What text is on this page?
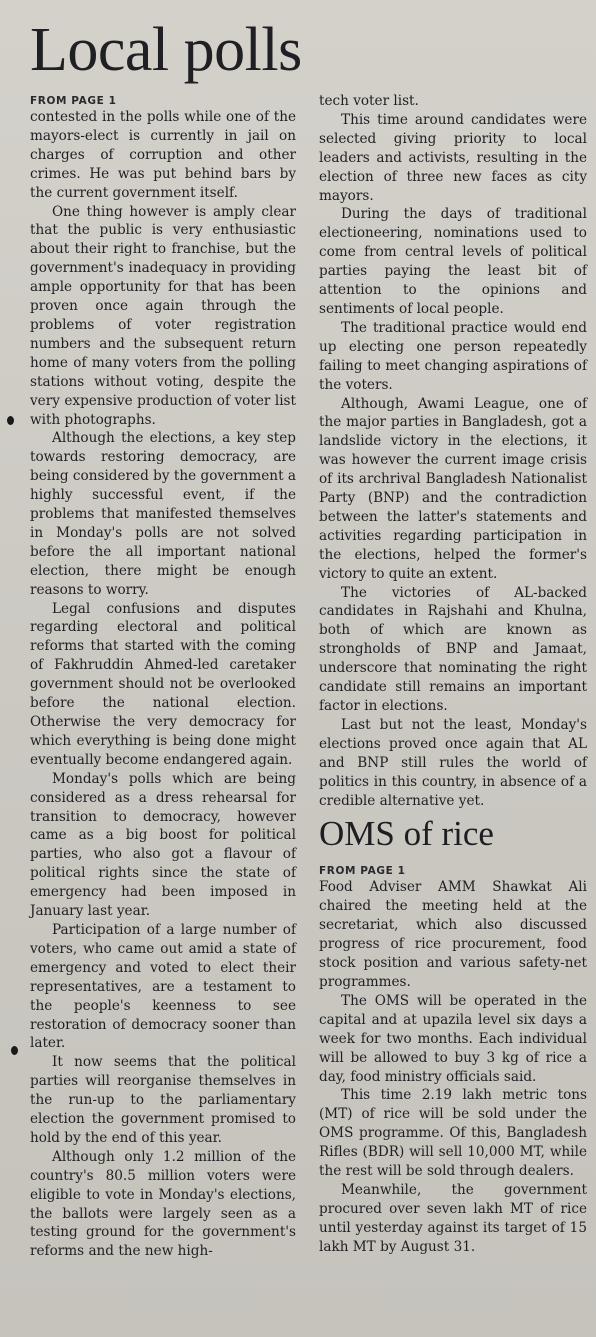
Local polls

FROM PAGE 1

contested in the polls while one of the mayors-elect is currently in jail on charges of corruption and other crimes. He was put behind bars by the current government itself.

One thing however is amply clear that the public is very enthusiastic about their right to franchise, but the government's inadequacy in providing ample opportunity for that has been proven once again through the problems of voter registration numbers and the subsequent return home of many voters from the polling stations without voting, despite the very expensive production of voter list with photographs.

Although the elections, a key step towards restoring democracy, are being considered by the government a highly successful event, if the problems that manifested themselves in Monday's polls are not solved before the all important national election, there might be enough reasons to worry.

Legal confusions and disputes regarding electoral and political reforms that started with the coming of Fakhruddin Ahmed-led caretaker government should not be overlooked before the national election. Otherwise the very democracy for which everything is being done might eventually become endangered again.

Monday's polls which are being considered as a dress rehearsal for transition to democracy, however came as a big boost for political parties, who also got a flavour of political rights since the state of emergency had been imposed in January last year.

Participation of a large number of voters, who came out amid a state of emergency and voted to elect their representatives, are a testament to the people's keenness to see restoration of democracy sooner than later.

It now seems that the political parties will reorganise themselves in the run-up to the parliamentary election the government promised to hold by the end of this year.

Although only 1.2 million of the country's 80.5 million voters were eligible to vote in Monday's elections, the ballots were largely seen as a testing ground for the government's reforms and the new high-

tech voter list.

This time around candidates were selected giving priority to local leaders and activists, resulting in the election of three new faces as city mayors.

During the days of traditional electioneering, nominations used to come from central levels of political parties paying the least bit of attention to the opinions and sentiments of local people.

The traditional practice would end up electing one person repeatedly failing to meet changing aspirations of the voters.

Although, Awami League, one of the major parties in Bangladesh, got a landslide victory in the elections, it was however the current image crisis of its archrival Bangladesh Nationalist Party (BNP) and the contradiction between the latter's statements and activities regarding participation in the elections, helped the former's victory to quite an extent.

The victories of AL-backed candidates in Rajshahi and Khulna, both of which are known as strongholds of BNP and Jamaat, underscore that nominating the right candidate still remains an important factor in elections.

Last but not the least, Monday's elections proved once again that AL and BNP still rules the world of politics in this country, in absence of a credible alternative yet.

OMS of rice

FROM PAGE 1

Food Adviser AMM Shawkat Ali chaired the meeting held at the secretariat, which also discussed progress of rice procurement, food stock position and various safety-net programmes.

The OMS will be operated in the capital and at upazila level six days a week for two months. Each individual will be allowed to buy 3 kg of rice a day, food ministry officials said.

This time 2.19 lakh metric tons (MT) of rice will be sold under the OMS programme. Of this, Bangladesh Rifles (BDR) will sell 10,000 MT, while the rest will be sold through dealers.

Meanwhile, the government procured over seven lakh MT of rice until yesterday against its target of 15 lakh MT by August 31.
